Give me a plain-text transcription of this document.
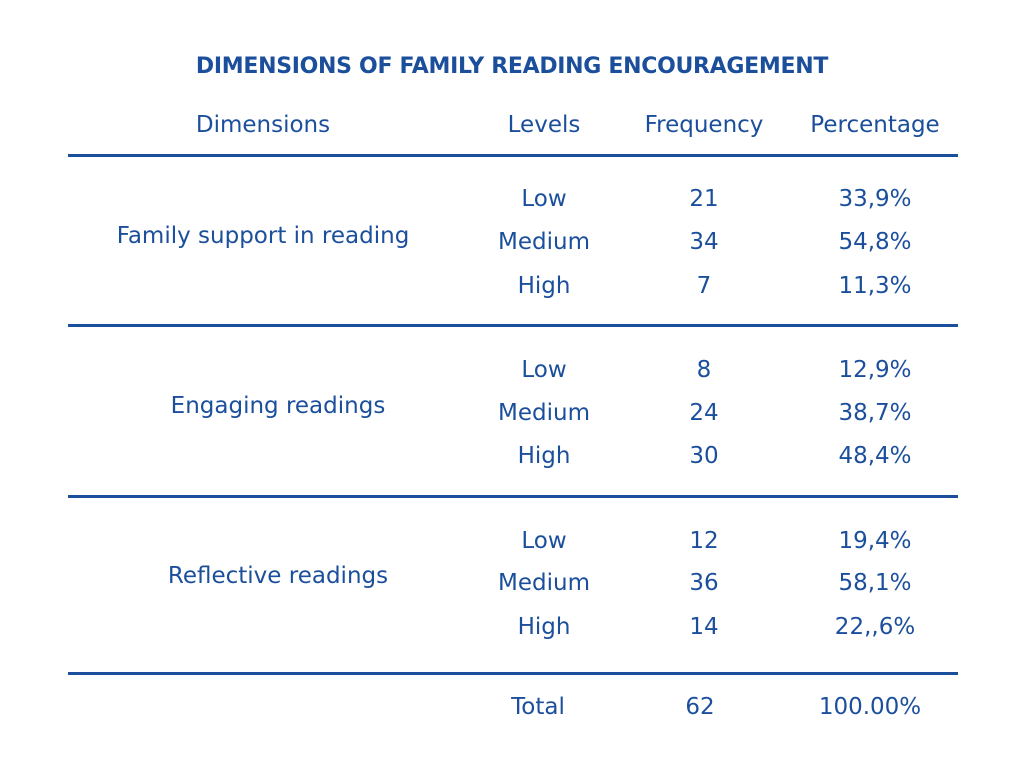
DIMENSIONS OF FAMILY READING ENCOURAGEMENT
Dimensions	Levels	Frequency Percentage
Family support in reading
Low	21	33,9%
Medium	34	54,8%
High	7	11,3%
Engaging readings
Low	8	12,9%
Medium	24	38,7%
High	30	48,4%
Reflective readings
Low	12	19,4%
Medium	36	58,1%
High	14	22,,6%
Total	62	100.00%
